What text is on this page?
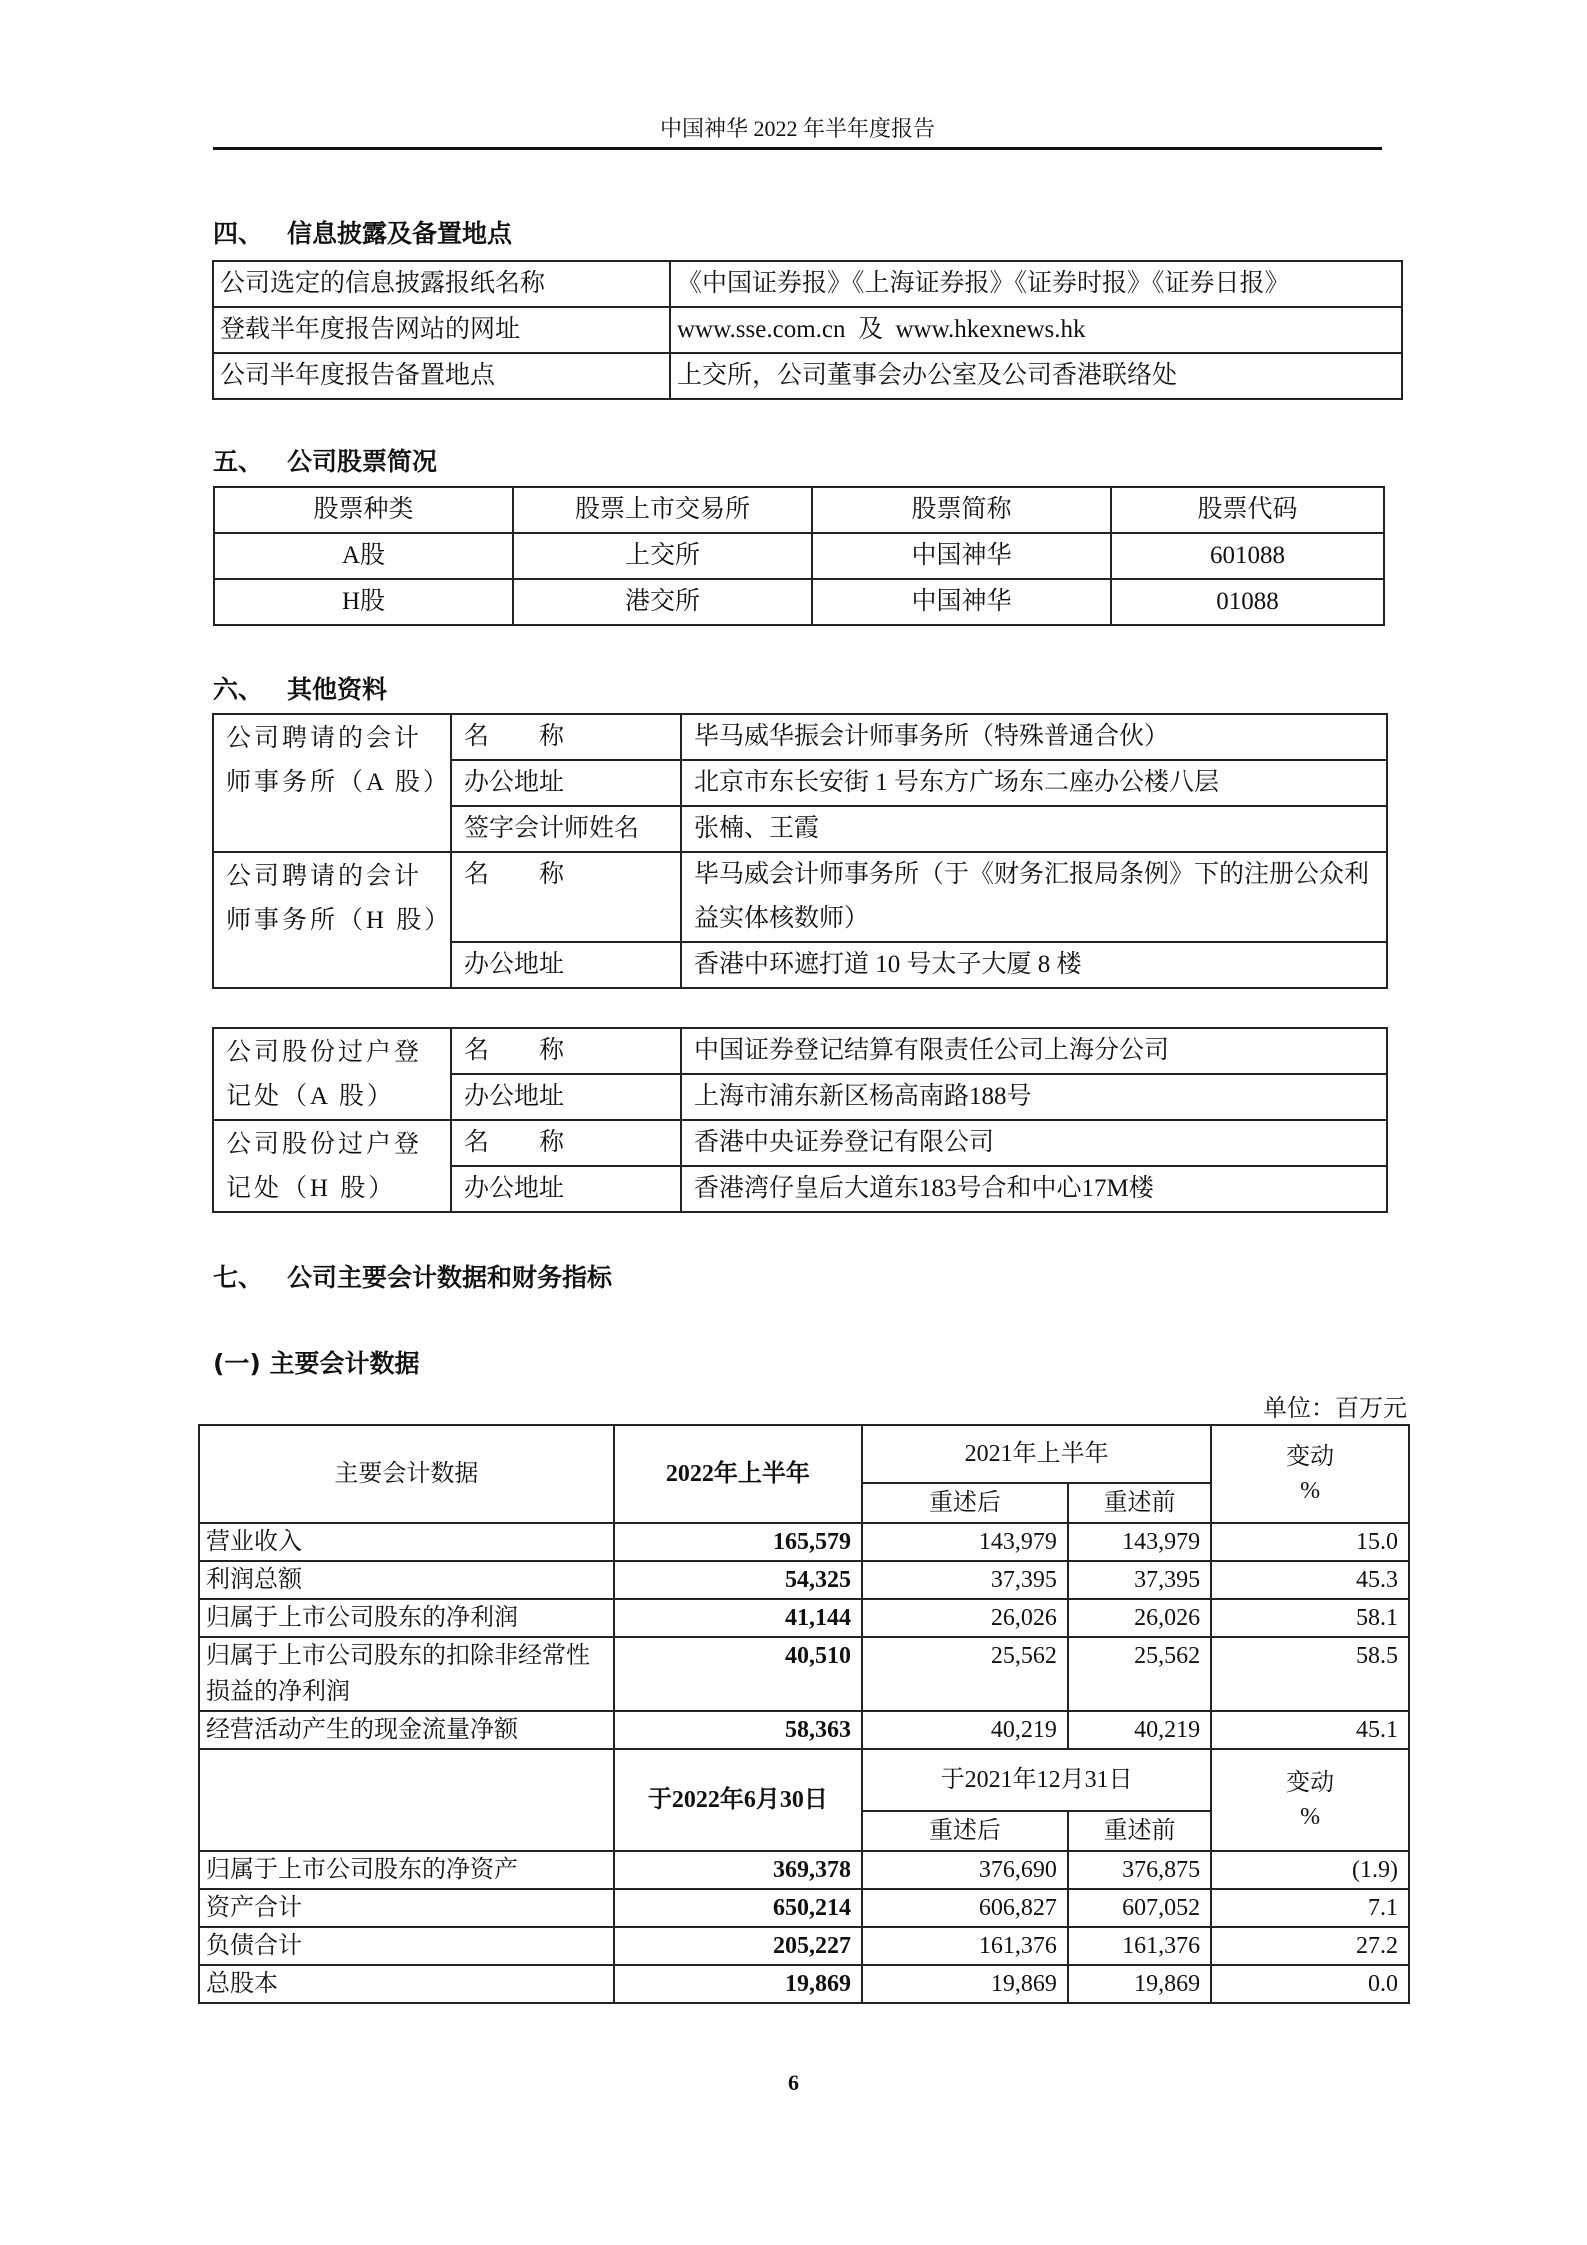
中国神华 2022 年半年度报告
四、 信息披露及备置地点
公司选定的信息披露报纸名称	《中国证券报》《上海证券报》《证券时报》《证券日报》
登载半年度报告网站的网址	www.sse.com.cn  及  www.hkexnews.hk
公司半年度报告备置地点	上交所，公司董事会办公室及公司香港联络处
五、 公司股票简况
股票种类	股票上市交易所	股票简称	股票代码
A股	上交所	中国神华	601088
H股	港交所	中国神华	01088
六、 其他资料
公司聘请的会计师事务所（A 股）	名　　称	毕马威华振会计师事务所（特殊普通合伙）
	办公地址	北京市东长安街 1 号东方广场东二座办公楼八层
	签字会计师姓名	张楠、王霞
公司聘请的会计师事务所（H 股）	名　　称	毕马威会计师事务所（于《财务汇报局条例》下的注册公众利益实体核数师）
	办公地址	香港中环遮打道 10 号太子大厦 8 楼
公司股份过户登记处（A 股）	名　　称	中国证券登记结算有限责任公司上海分公司
	办公地址	上海市浦东新区杨高南路188号
公司股份过户登记处（H 股）	名　　称	香港中央证券登记有限公司
	办公地址	香港湾仔皇后大道东183号合和中心17M楼
七、 公司主要会计数据和财务指标
(一) 主要会计数据
单位：百万元
主要会计数据	2022年上半年	2021年上半年		变动
%

		重述后	重述前	
营业收入	165,579	143,979	143,979	15.0
利润总额	54,325	37,395	37,395	45.3
归属于上市公司股东的净利润	41,144	26,026	26,026	58.1
归属于上市公司股东的扣除非经常性损益的净利润	40,510	25,562	25,562	58.5
经营活动产生的现金流量净额	58,363	40,219	40,219	45.1
	于2022年6月30日	于2021年12月31日		变动
%

		重述后	重述前	
归属于上市公司股东的净资产	369,378	376,690	376,875	(1.9)
资产合计	650,214	606,827	607,052	7.1
负债合计	205,227	161,376	161,376	27.2
总股本	19,869	19,869	19,869	0.0
6
